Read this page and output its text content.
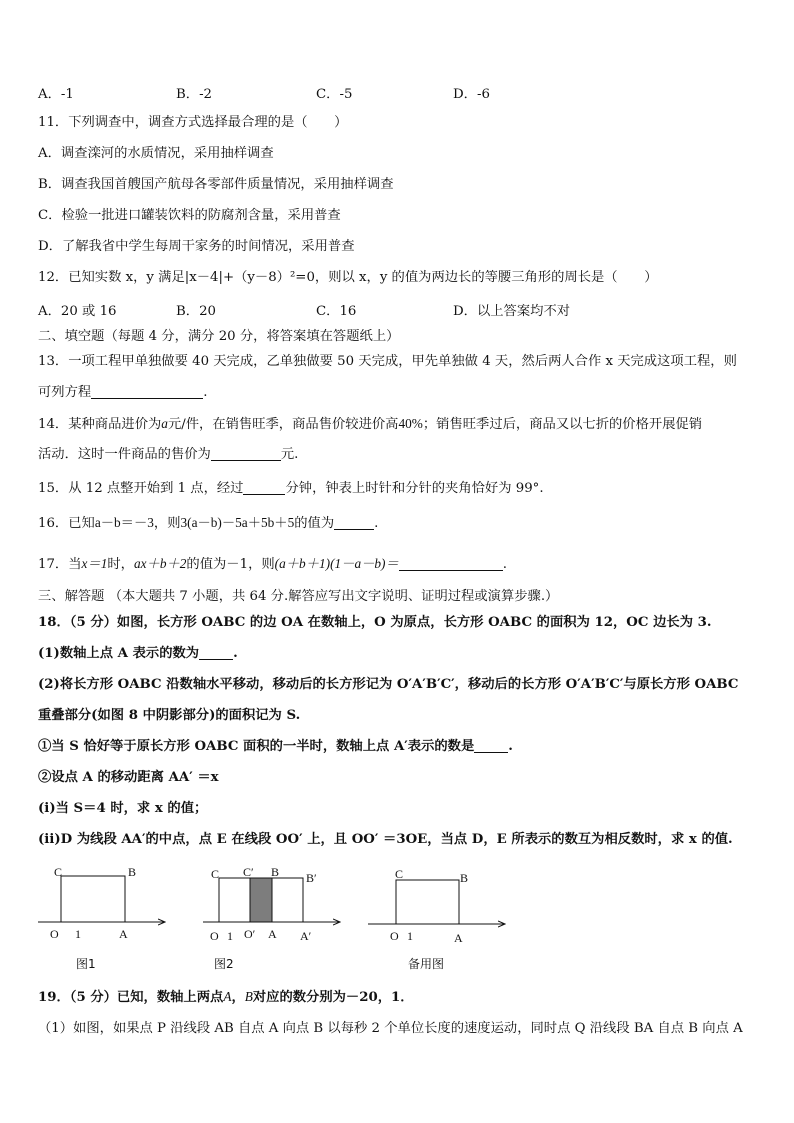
A．-1	B．-2	C．-5	D．-6
11．下列调查中，调查方式选择最合理的是（　　）
A．调查滦河的水质情况，采用抽样调查
B．调查我国首艘国产航母各零部件质量情况，采用抽样调查
C．检验一批进口罐装饮料的防腐剂含量，采用普查
D．了解我省中学生每周干家务的时间情况，采用普查
12．已知实数 x，y 满足|x－4|+（y－8）²=0，则以 x，y 的值为两边长的等腰三角形的周长是（　　）
A．20 或 16	B．20	C．16	D．以上答案均不对
二、填空题（每题 4 分，满分 20 分，将答案填在答题纸上）
13．一项工程甲单独做要 40 天完成，乙单独做要 50 天完成，甲先单独做 4 天，然后两人合作 x 天完成这项工程，则
可列方程	.
14．某种商品进价为a元/件，在销售旺季，商品售价较进价高40%；销售旺季过后，商品又以七折的价格开展促销
活动．这时一件商品的售价为	元.
15．从 12 点整开始到 1 点，经过	分钟，钟表上时针和分针的夹角恰好为 99°.
16．已知a－b＝－3，则3(a－b)－5a＋5b＋5的值为	.
17．当x＝1时，ax＋b＋2的值为－1，则(a＋b＋1)(1－a－b)＝	.
三、解答题 （本大题共 7 小题，共 64 分.解答应写出文字说明、证明过程或演算步骤.）
18．（5 分）如图，长方形 OABC 的边 OA 在数轴上，O 为原点，长方形 OABC 的面积为 12，OC 边长为 3.
(1)数轴上点 A 表示的数为	.
(2)将长方形 OABC 沿数轴水平移动，移动后的长方形记为 O′A′B′C′，移动后的长方形 O′A′B′C′与原长方形 OABC
重叠部分(如图 8 中阴影部分)的面积记为 S.
①当 S 恰好等于原长方形 OABC 面积的一半时，数轴上点 A′表示的数是	.
②设点 A 的移动距离 AA′ ＝x
(ⅰ)当 S＝4 时，求 x 的值；
(ⅱ)D 为线段 AA′的中点，点 E 在线段 OO′ 上，且 OO′ ＝3OE，当点 D，E 所表示的数互为相反数时，求 x 的值.
C	B
O 1	A
图1
C C′ B B′
O 1 O′ A A′
图2
C	B
O 1	A
备用图
19．（5 分）已知，数轴上两点A，B对应的数分别为－20，1．
（1）如图，如果点 P 沿线段 AB 自点 A 向点 B 以每秒 2 个单位长度的速度运动，同时点 Q 沿线段 BA 自点 B 向点 A
